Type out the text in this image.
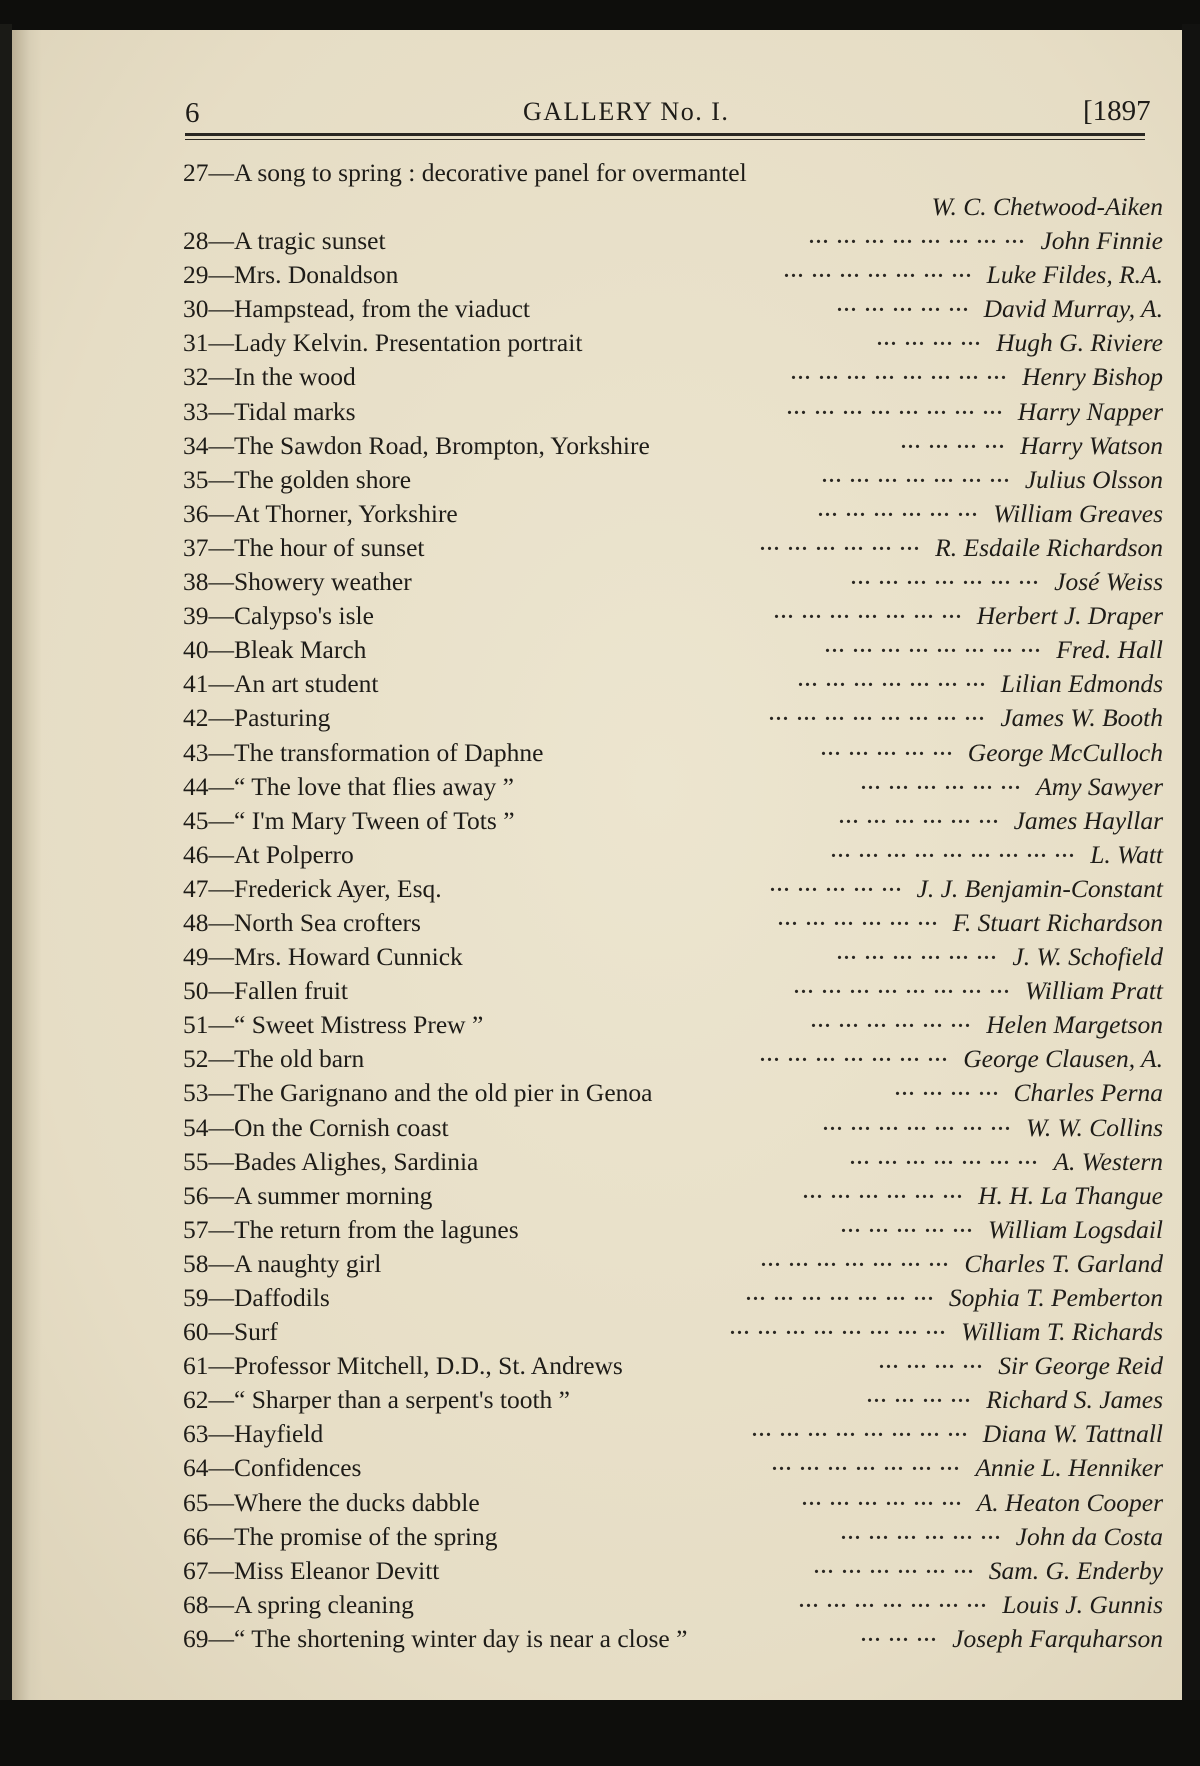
6	GALLERY No. I.	[1897
27—A song to spring : decorative panel for overmantel
W. C. Chetwood-Aiken
28—A tragic sunset	John Finnie
... ... ... ... ... ... ... ...
29—Mrs. Donaldson	Luke Fildes, R.A.
... ... ... ... ... ... ...
30—Hampstead, from the viaduct	David Murray, A.
... ... ... ... ...
31—Lady Kelvin. Presentation portrait	Hugh G. Riviere
... ... ... ...
32—In the wood	Henry Bishop
... ... ... ... ... ... ... ...
33—Tidal marks	Harry Napper
... ... ... ... ... ... ... ...
34—The Sawdon Road, Brompton, Yorkshire	Harry Watson
... ... ... ...
35—The golden shore	Julius Olsson
... ... ... ... ... ... ...
36—At Thorner, Yorkshire	William Greaves
... ... ... ... ... ...
37—The hour of sunset	R. Esdaile Richardson
... ... ... ... ... ...
38—Showery weather	José Weiss
... ... ... ... ... ... ...
39—Calypso's isle	Herbert J. Draper
... ... ... ... ... ... ...
40—Bleak March	Fred. Hall
... ... ... ... ... ... ... ...
41—An art student	Lilian Edmonds
... ... ... ... ... ... ...
42—Pasturing	James W. Booth
... ... ... ... ... ... ... ...
43—The transformation of Daphne	George McCulloch
... ... ... ... ...
44—“ The love that flies away ”	Amy Sawyer
... ... ... ... ... ...
45—“ I'm Mary Tween of Tots ”	James Hayllar
... ... ... ... ... ...
46—At Polperro	L. Watt
... ... ... ... ... ... ... ... ...
47—Frederick Ayer, Esq.	J. J. Benjamin-Constant
... ... ... ... ...
48—North Sea crofters	F. Stuart Richardson
... ... ... ... ... ...
49—Mrs. Howard Cunnick	J. W. Schofield
... ... ... ... ... ...
50—Fallen fruit	William Pratt
... ... ... ... ... ... ... ...
51—“ Sweet Mistress Prew ”	Helen Margetson
... ... ... ... ... ...
52—The old barn	George Clausen, A.
... ... ... ... ... ... ...
53—The Garignano and the old pier in Genoa	Charles Perna
... ... ... ...
54—On the Cornish coast	W. W. Collins
... ... ... ... ... ... ...
55—Bades Alighes, Sardinia	A. Western
... ... ... ... ... ... ...
56—A summer morning	H. H. La Thangue
... ... ... ... ... ...
57—The return from the lagunes	William Logsdail
... ... ... ... ...
58—A naughty girl	Charles T. Garland
... ... ... ... ... ... ...
59—Daffodils	Sophia T. Pemberton
... ... ... ... ... ... ...
60—Surf	William T. Richards
... ... ... ... ... ... ... ...
61—Professor Mitchell, D.D., St. Andrews	Sir George Reid
... ... ... ...
62—“ Sharper than a serpent's tooth ”	Richard S. James
... ... ... ...
63—Hayfield	Diana W. Tattnall
... ... ... ... ... ... ... ...
64—Confidences	Annie L. Henniker
... ... ... ... ... ... ...
65—Where the ducks dabble	A. Heaton Cooper
... ... ... ... ... ...
66—The promise of the spring	John da Costa
... ... ... ... ... ...
67—Miss Eleanor Devitt	Sam. G. Enderby
... ... ... ... ... ...
68—A spring cleaning	Louis J. Gunnis
... ... ... ... ... ... ...
69—“ The shortening winter day is near a close ”	Joseph Farquharson
... ... ...
